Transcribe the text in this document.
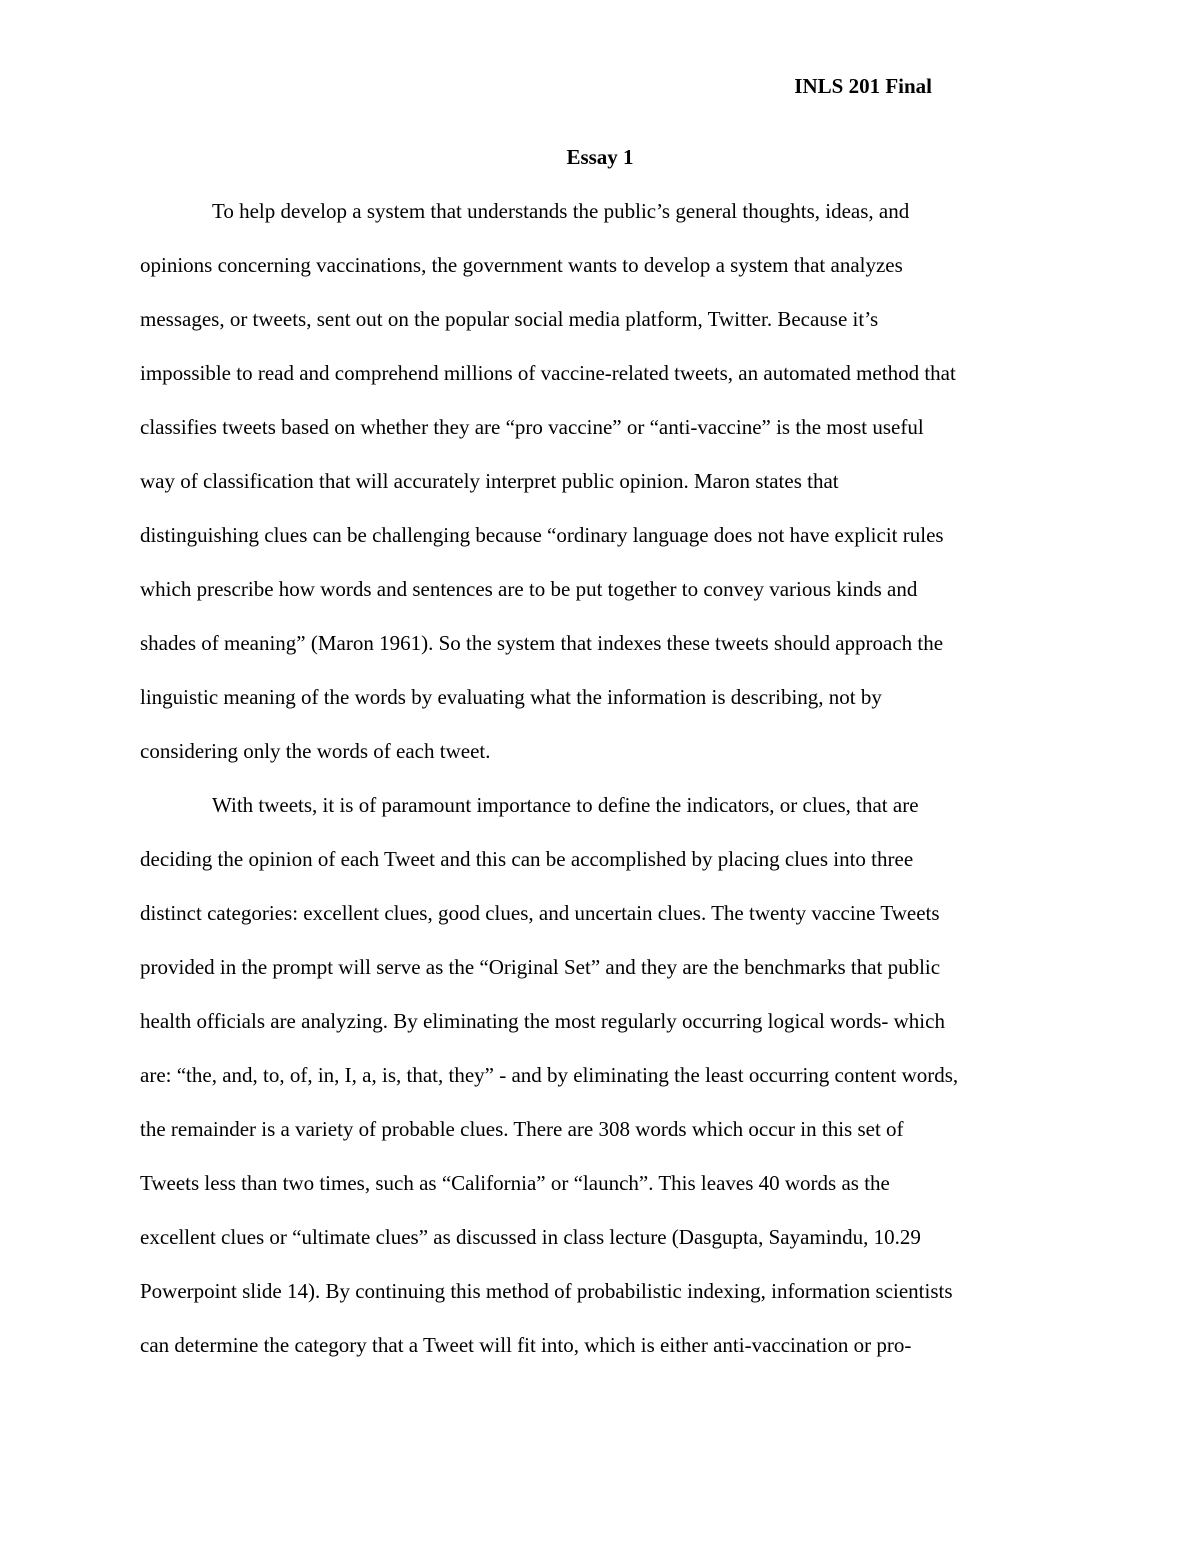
INLS 201 Final
Essay 1
To help develop a system that understands the public’s general thoughts, ideas, and
opinions concerning vaccinations, the government wants to develop a system that analyzes
messages, or tweets, sent out on the popular social media platform, Twitter. Because it’s
impossible to read and comprehend millions of vaccine-related tweets, an automated method that
classifies tweets based on whether they are “pro vaccine” or “anti-vaccine” is the most useful
way of classification that will accurately interpret public opinion. Maron states that
distinguishing clues can be challenging because “ordinary language does not have explicit rules
which prescribe how words and sentences are to be put together to convey various kinds and
shades of meaning” (Maron 1961). So the system that indexes these tweets should approach the
linguistic meaning of the words by evaluating what the information is describing, not by
considering only the words of each tweet.
With tweets, it is of paramount importance to define the indicators, or clues, that are
deciding the opinion of each Tweet and this can be accomplished by placing clues into three
distinct categories: excellent clues, good clues, and uncertain clues. The twenty vaccine Tweets
provided in the prompt will serve as the “Original Set” and they are the benchmarks that public
health officials are analyzing. By eliminating the most regularly occurring logical words- which
are: “the, and, to, of, in, I, a, is, that, they” - and by eliminating the least occurring content words,
the remainder is a variety of probable clues. There are 308 words which occur in this set of
Tweets less than two times, such as “California” or “launch”. This leaves 40 words as the
excellent clues or “ultimate clues” as discussed in class lecture (Dasgupta, Sayamindu, 10.29
Powerpoint slide 14). By continuing this method of probabilistic indexing, information scientists
can determine the category that a Tweet will fit into, which is either anti-vaccination or pro-
